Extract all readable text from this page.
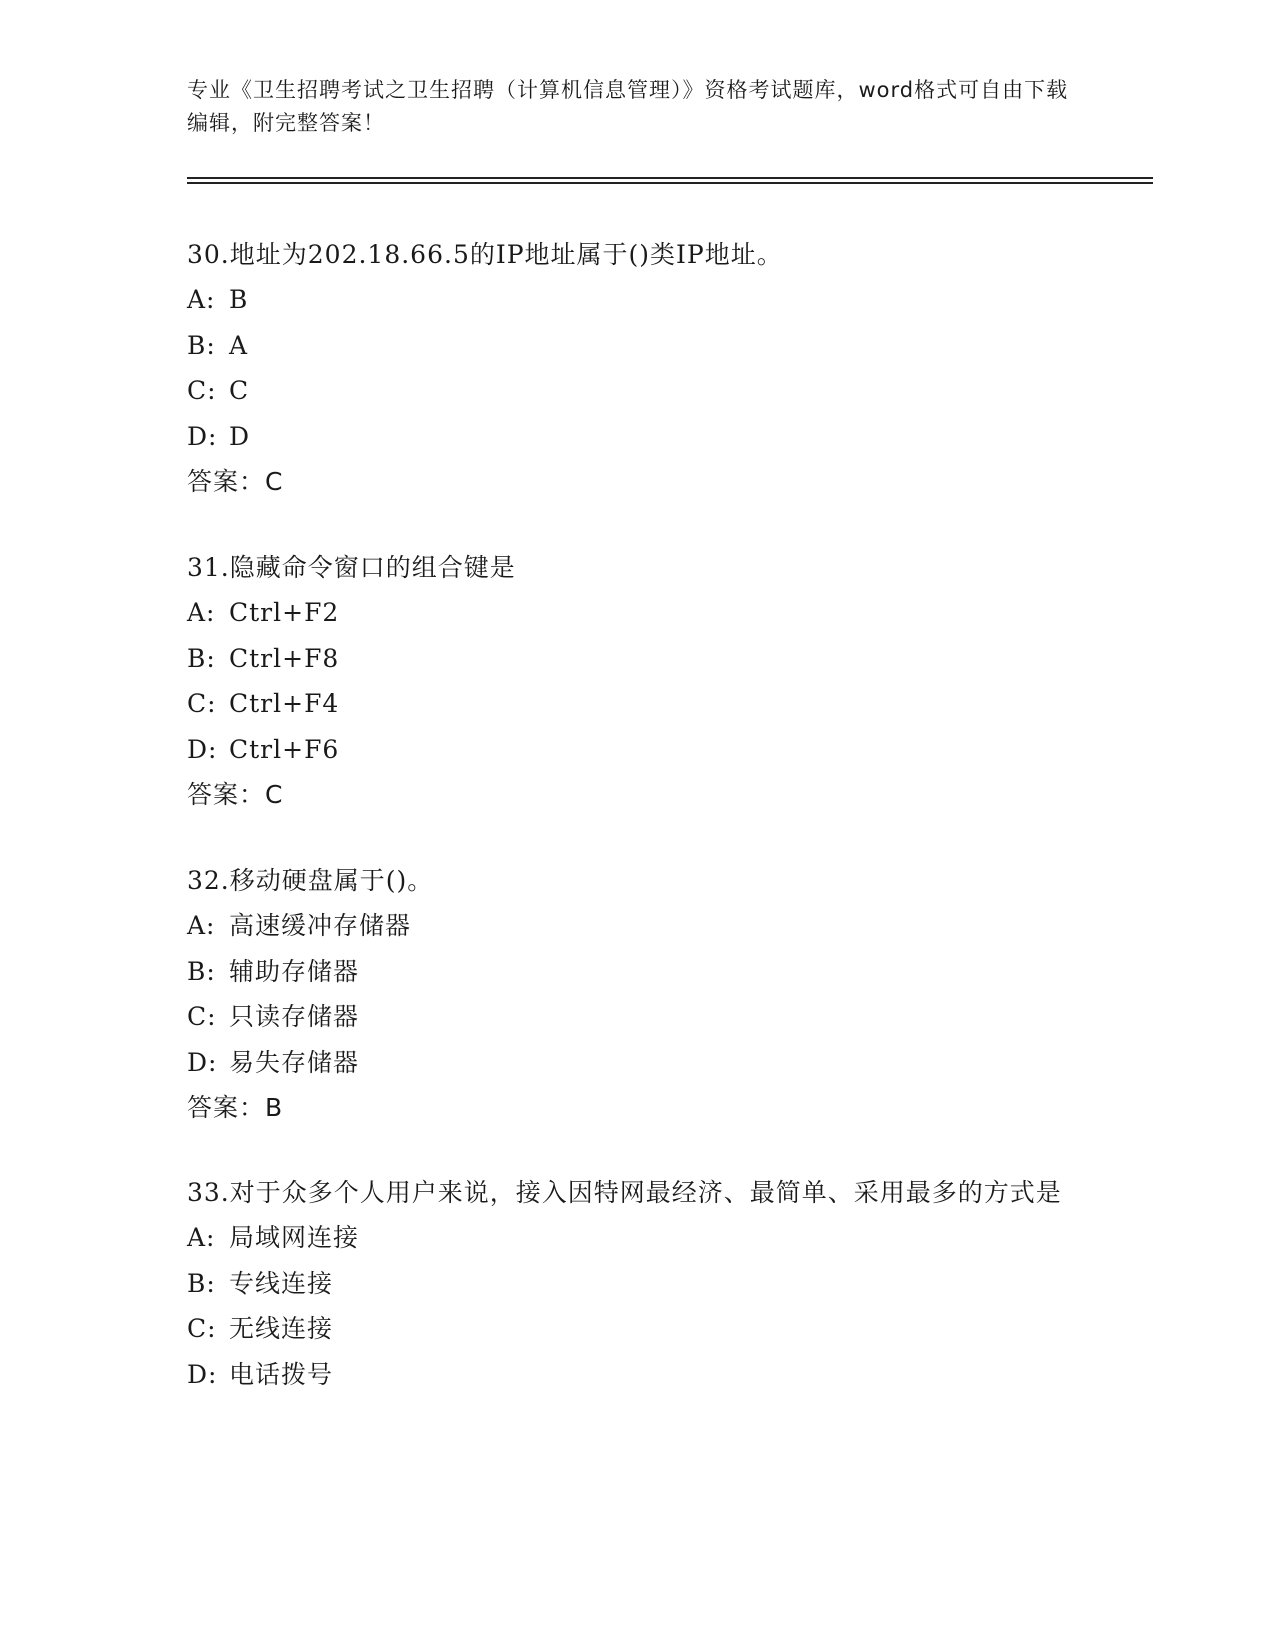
专业《卫生招聘考试之卫生招聘（计算机信息管理）》资格考试题库，word格式可自由下载编辑，附完整答案！
30.地址为202.18.66.5的IP地址属于()类IP地址。
A: B
B: A
C: C
D: D
答案：C
31.隐藏命令窗口的组合键是
A: Ctrl+F2
B: Ctrl+F8
C: Ctrl+F4
D: Ctrl+F6
答案：C
32.移动硬盘属于()。
A: 高速缓冲存储器
B: 辅助存储器
C: 只读存储器
D: 易失存储器
答案：B
33.对于众多个人用户来说，接入因特网最经济、最简单、采用最多的方式是
A: 局域网连接
B: 专线连接
C: 无线连接
D: 电话拨号
